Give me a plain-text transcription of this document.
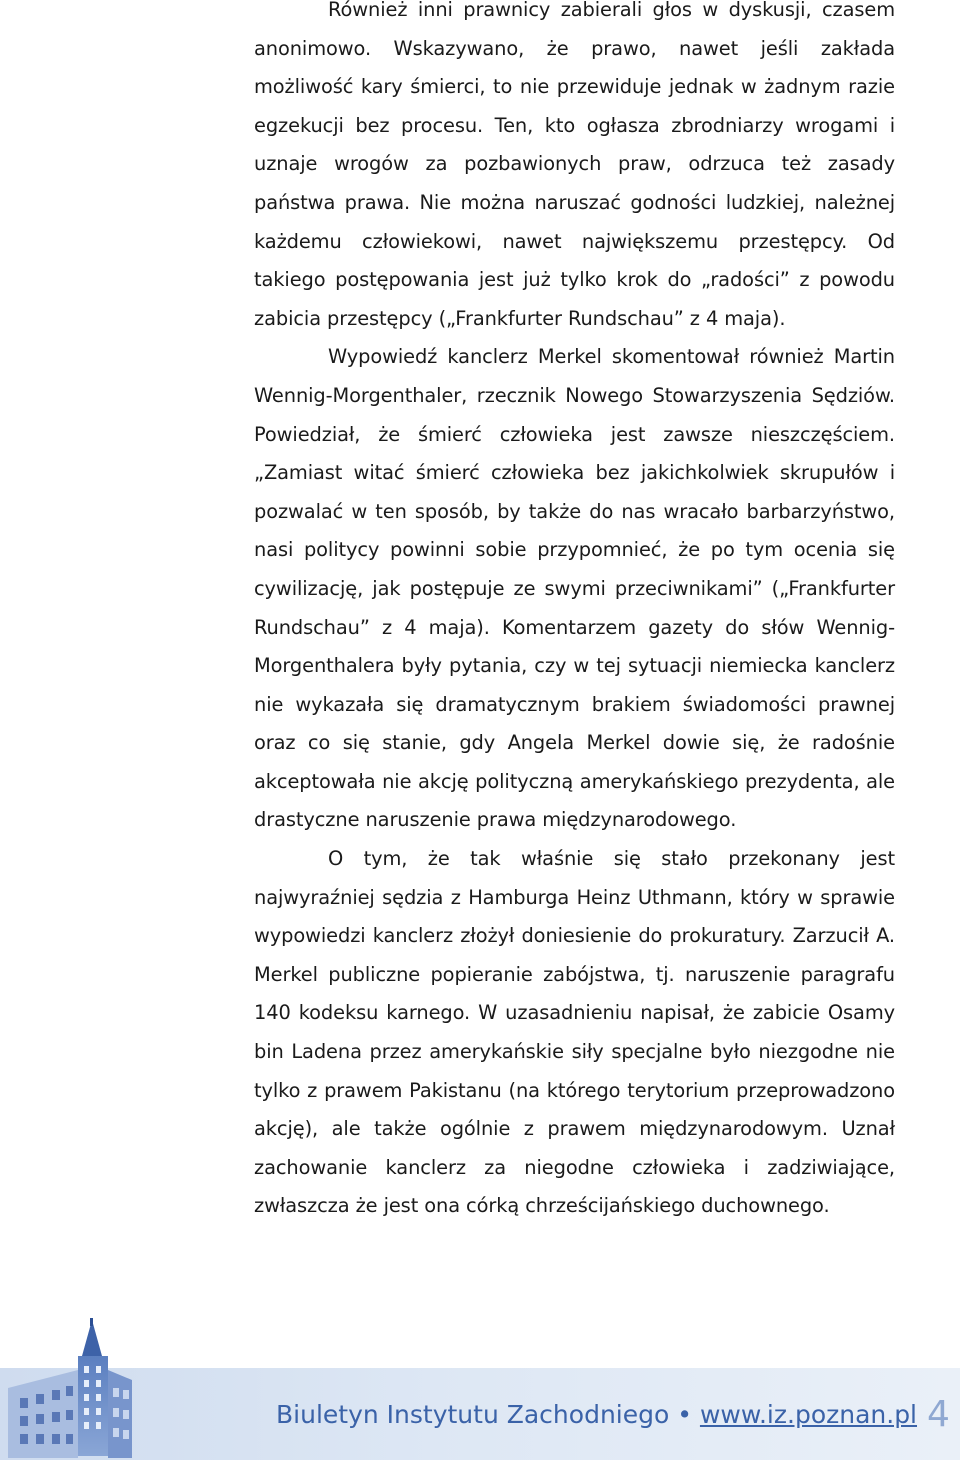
Również inni prawnicy zabierali głos w dyskusji, czasem anonimowo. Wskazywano, że prawo, nawet jeśli zakłada możliwość kary śmierci, to nie przewiduje jednak w żadnym razie egzekucji bez procesu. Ten, kto ogłasza zbrodniarzy wrogami i uznaje wrogów za pozbawionych praw, odrzuca też zasady państwa prawa. Nie można naruszać godności ludzkiej, należnej każdemu człowiekowi, nawet największemu przestępcy. Od takiego postępowania jest już tylko krok do „radości” z powodu zabicia przestępcy („Frankfurter Rundschau” z 4 maja).

Wypowiedź kanclerz Merkel skomentował również Martin Wennig-Morgenthaler, rzecznik Nowego Stowarzyszenia Sędziów. Powiedział, że śmierć człowieka jest zawsze nieszczęściem. „Zamiast witać śmierć człowieka bez jakichkolwiek skrupułów i pozwalać w ten sposób, by także do nas wracało barbarzyństwo, nasi politycy powinni sobie przypomnieć, że po tym ocenia się cywilizację, jak postępuje ze swymi przeciwnikami” („Frankfurter Rundschau” z 4 maja). Komentarzem gazety do słów Wennig-Morgenthalera były pytania, czy w tej sytuacji niemiecka kanclerz nie wykazała się dramatycznym brakiem świadomości prawnej oraz co się stanie, gdy Angela Merkel dowie się, że radośnie akceptowała nie akcję polityczną amerykańskiego prezydenta, ale drastyczne naruszenie prawa międzynarodowego.

O tym, że tak właśnie się stało przekonany jest najwyraźniej sędzia z Hamburga Heinz Uthmann, który w sprawie wypowiedzi kanclerz złożył doniesienie do prokuratury. Zarzucił A. Merkel publiczne popieranie zabójstwa, tj. naruszenie paragrafu 140 kodeksu karnego. W uzasadnieniu napisał, że zabicie Osamy bin Ladena przez amerykańskie siły specjalne było niezgodne nie tylko z prawem Pakistanu (na którego terytorium przeprowadzono akcję), ale także ogólnie z prawem międzynarodowym. Uznał zachowanie kanclerz za niegodne człowieka i zadziwiające, zwłaszcza że jest ona córką chrześcijańskiego duchownego.

Biuletyn Instytutu Zachodniego • www.iz.poznan.pl 4
